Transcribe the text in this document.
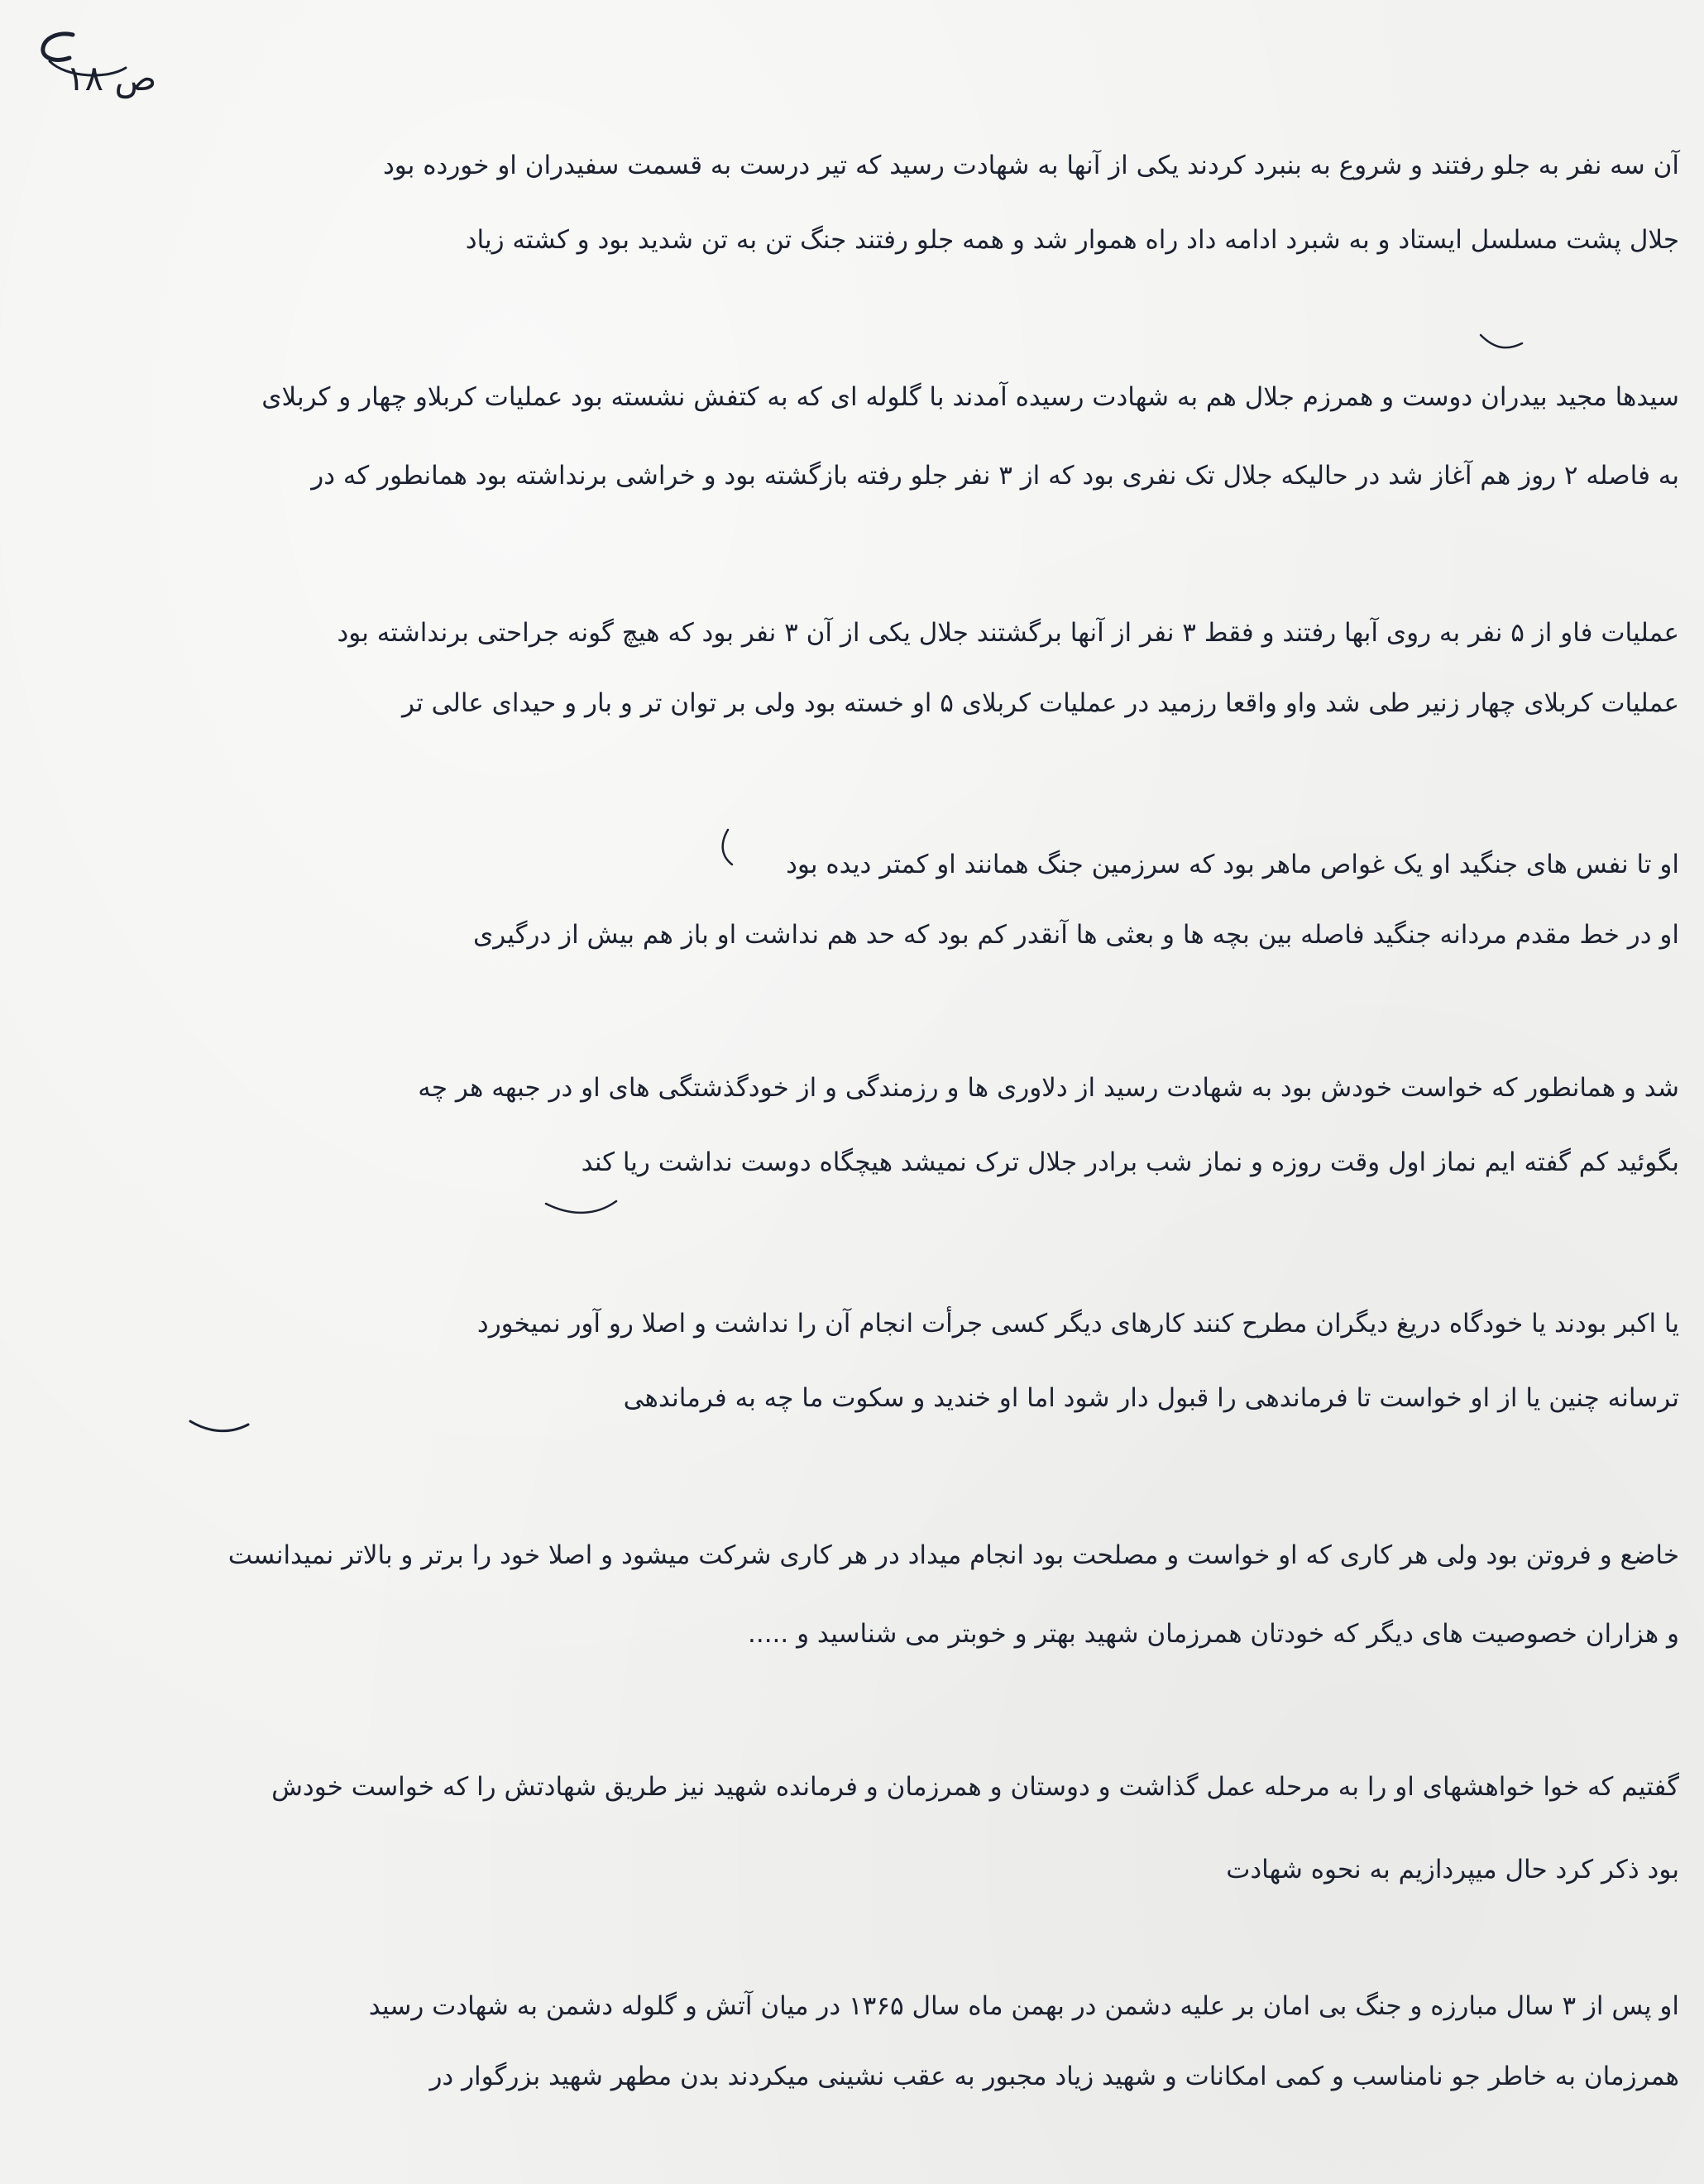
ص ۱۸
آن سه نفر به جلو رفتند و شروع به بنبرد کردند یکی از آنها به شهادت رسید که تیر درست به قسمت سفیدران او خورده بود
جلال پشت مسلسل ایستاد و به شبرد ادامه داد راه هموار شد و همه جلو رفتند جنگ تن به تن شدید بود و کشته زیاد
سیدها مجید بیدران دوست و همرزم جلال هم به شهادت رسیده آمدند با گلوله ای که به کتفش نشسته بود عملیات کربلاو چهار و کربلای
به فاصله ۲ روز هم آغاز شد در حالیکه جلال تک نفری بود که از ۳ نفر جلو رفته بازگشته بود و خراشی برنداشته بود همانطور که در
عملیات فاو از ۵ نفر به روی آبها رفتند و فقط ۳ نفر از آنها برگشتند جلال یکی از آن ۳ نفر بود که هیچ گونه جراحتی برنداشته بود
عملیات کربلای چهار زنیر طی شد واو واقعا رزمید در عملیات کربلای ۵ او خسته بود ولی بر توان تر و بار و حیدای عالی تر
او تا نفس های جنگید او یک غواص ماهر بود که سرزمین جنگ همانند او کمتر دیده بود
او در خط مقدم مردانه جنگید فاصله بین بچه ها و بعثی ها آنقدر کم بود که حد هم نداشت او باز هم بیش از درگیری
شد و همانطور که خواست خودش بود به شهادت رسید از دلاوری ها و رزمندگی و از خودگذشتگی های او در جبهه هر چه
بگوئید کم گفته ایم نماز اول وقت روزه و نماز شب برادر جلال ترک نمیشد هیچگاه دوست نداشت ریا کند
یا اکبر بودند یا خودگاه دریغ دیگران مطرح کنند کارهای دیگر کسی جرأت انجام آن را نداشت و اصلا رو آور نمیخورد
ترسانه چنین یا از او خواست تا فرماندهی را قبول دار شود اما او خندید و سکوت ما چه به فرماندهی
خاضع و فروتن بود ولی هر کاری که او خواست و مصلحت بود انجام میداد در هر کاری شرکت میشود و اصلا خود را برتر و بالاتر نمیدانست
و هزاران خصوصیت های دیگر که خودتان همرزمان شهید بهتر و خوبتر می شناسید و .....
گفتیم که خوا خواهشهای او را به مرحله عمل گذاشت و دوستان و همرزمان و فرمانده شهید نیز طریق شهادتش را که خواست خودش
بود ذکر کرد حال میپردازیم به نحوه شهادت
او پس از ۳ سال مبارزه و جنگ بی امان بر علیه دشمن در بهمن ماه سال ۱۳۶۵ در میان آتش و گلوله دشمن به شهادت رسید
همرزمان به خاطر جو نامناسب و کمی امکانات و شهید زیاد مجبور به عقب نشینی میکردند بدن مطهر شهید بزرگوار در
